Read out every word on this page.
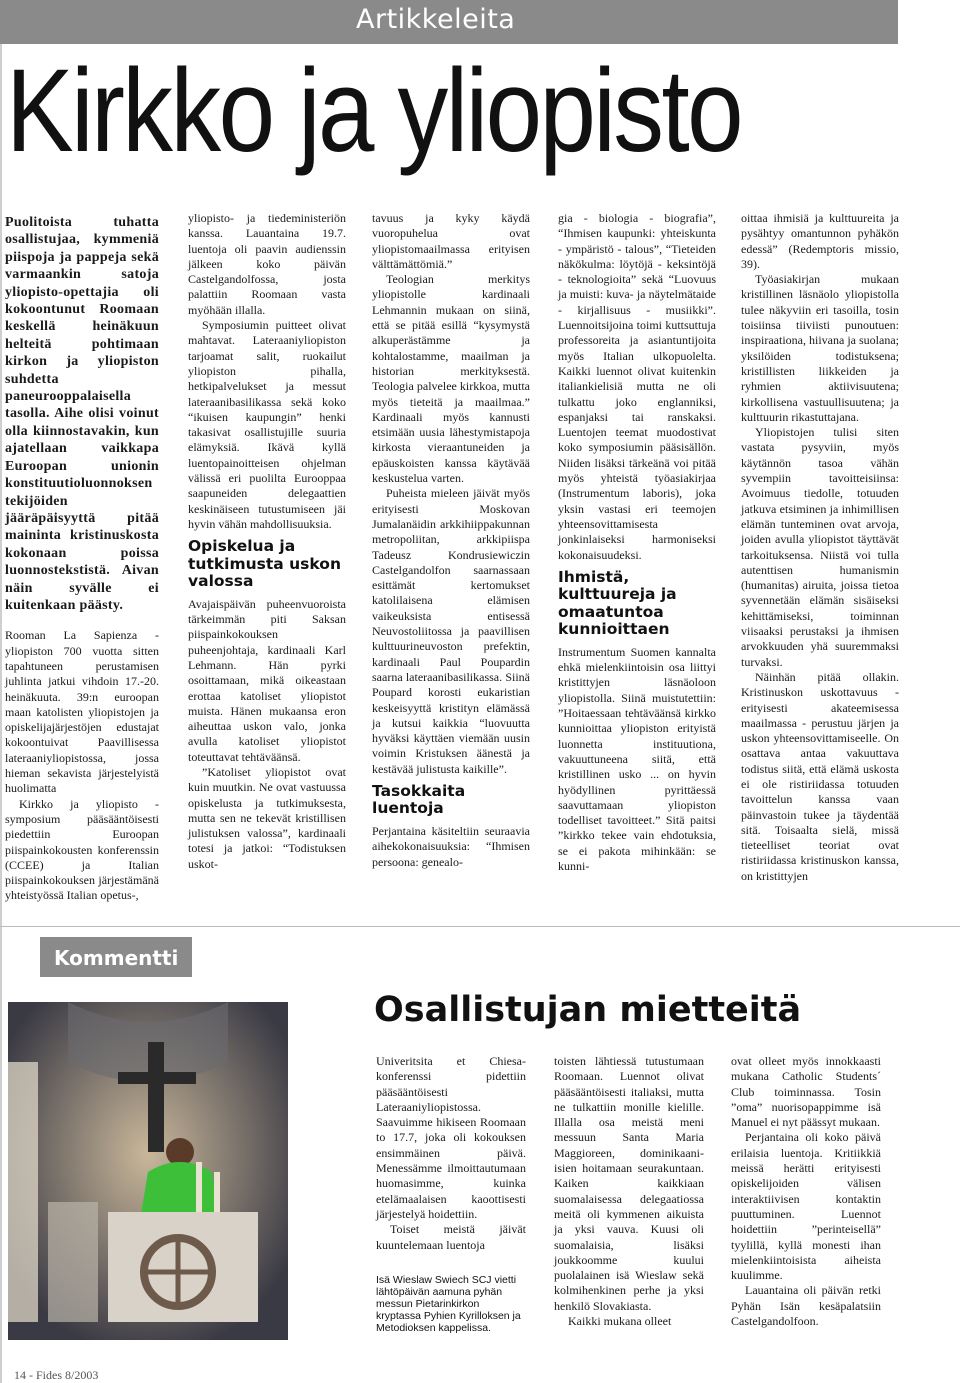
Artikkeleita
Kirkko ja yliopisto

Puolitoista tuhatta osallistujaa, kymmeniä piispoja ja pappeja sekä varmaankin satoja yliopisto-opettajia oli kokoontunut Roomaan keskellä heinäkuun helteitä pohtimaan kirkon ja yliopiston suhdetta paneurooppalaisella tasolla. Aihe olisi voinut olla kiinnostavakin, kun ajatellaan vaikkapa Euroopan unionin konstituutioluonnoksen tekijöiden jääräpäisyyttä pitää maininta kristinuskosta kokonaan poissa luonnostekstistä. Aivan näin syvälle ei kuitenkaan päästy.

Rooman La Sapienza -yliopiston 700 vuotta sitten tapahtuneen perustamisen juhlinta jatkui vihdoin 17.-20. heinäkuuta. 39:n euroopan maan katolisten yliopistojen ja opiskelijajärjestöjen edustajat kokoontuivat Paavillisessa lateraaniyliopistossa, jossa hieman sekavista järjestelyistä huolimatta

Kirkko ja yliopisto -symposium pääsääntöisesti piedettiin Euroopan piispainkokousten konferenssin (CCEE) ja Italian piispainkokouksen järjestämänä yhteistyössä Italian opetus-,

yliopisto- ja tiedeministeriön kanssa. Lauantaina 19.7. luentoja oli paavin audienssin jälkeen koko päivän Castelgandolfossa, josta palattiin Roomaan vasta myöhään illalla.

Symposiumin puitteet olivat mahtavat. Lateraaniyliopiston tarjoamat salit, ruokailut yliopiston pihalla, hetkipalvelukset ja messut lateraanibasilikassa sekä koko “ikuisen kaupungin” henki takasivat osallistujille suuria elämyksiä. Ikävä kyllä luentopainoitteisen ohjelman välissä eri puolilta Eurooppaa saapuneiden delegaattien keskinäiseen tutustumiseen jäi hyvin vähän mahdollisuuksia.

Opiskelua ja tutkimusta uskon valossa

Avajaispäivän puheenvuoroista tärkeimmän piti Saksan piispainkokouksen puheenjohtaja, kardinaali Karl Lehmann. Hän pyrki osoittamaan, mikä oikeastaan erottaa katoliset yliopistot muista. Hänen mukaansa eron aiheuttaa uskon valo, jonka avulla katoliset yliopistot toteuttavat tehtäväänsä.

”Katoliset yliopistot ovat kuin muutkin. Ne ovat vastuussa opiskelusta ja tutkimuksesta, mutta sen ne tekevät kristillisen julistuksen valossa”, kardinaali totesi ja jatkoi: “Todistuksen uskot-

tavuus ja kyky käydä vuoropuhelua ovat yliopistomaailmassa erityisen välttämättömiä.”

Teologian merkitys yliopistolle kardinaali Lehmannin mukaan on siinä, että se pitää esillä “kysymystä alkuperästämme ja kohtalostamme, maailman ja historian merkityksestä. Teologia palvelee kirkkoa, mutta myös tieteitä ja maailmaa.” Kardinaali myös kannusti etsimään uusia lähestymistapoja kirkosta vieraantuneiden ja epäuskoisten kanssa käytävää keskustelua varten.

Puheista mieleen jäivät myös erityisesti Moskovan Jumalanäidin arkkihiippakunnan metropoliitan, arkkipiispa Tadeusz Kondrusiewiczin Castelgandolfon saarnassaan esittämät kertomukset katolilaisena elämisen vaikeuksista entisessä Neuvostoliitossa ja paavillisen kulttuurineuvoston prefektin, kardinaali Paul Poupardin saarna lateraanibasilikassa. Siinä Poupard korosti eukaristian keskeisyyttä kristityn elämässä ja kutsui kaikkia “luovuutta hyväksi käyttäen viemään uusin voimin Kristuksen äänestä ja kestävää julistusta kaikille”.

Tasokkaita luentoja

Perjantaina käsiteltiin seuraavia aihekokonaisuuksia: “Ihmisen persoona: genealo-

gia - biologia - biografia”, “Ihmisen kaupunki: yhteiskunta - ympäristö - talous”, “Tieteiden näkökulma: löytöjä - keksintöjä - teknologioita” sekä “Luovuus ja muisti: kuva- ja näytelmätaide - kirjallisuus - musiikki”. Luennoitsijoina toimi kuttsuttuja professoreita ja asiantuntijoita myös Italian ulkopuolelta. Kaikki luennot olivat kuitenkin italiankielisiä mutta ne oli tulkattu joko englanniksi, espanjaksi tai ranskaksi. Luentojen teemat muodostivat koko symposiumin pääsisällön. Niiden lisäksi tärkeänä voi pitää myös yhteistä työasiakirjaa (Instrumentum laboris), joka yksin vastasi eri teemojen yhteensovittamisesta jonkinlaiseksi harmoniseksi kokonaisuudeksi.

Ihmistä, kulttuureja ja omaatuntoa kunnioittaen

Instrumentum Suomen kannalta ehkä mielenkiintoisin osa liittyi kristittyjen läsnäoloon yliopistolla. Siinä muistutettiin: ”Hoitaessaan tehtäväänsä kirkko kunnioittaa yliopiston erityistä luonnetta instituutiona, vakuuttuneena siitä, että kristillinen usko ... on hyvin hyödyllinen pyrittäessä saavuttamaan yliopiston todelliset tavoitteet.” Sitä paitsi ”kirkko tekee vain ehdotuksia, se ei pakota mihinkään: se kunni-

oittaa ihmisiä ja kulttuureita ja pysähtyy omantunnon pyhäkön edessä” (Redemptoris missio, 39).

Työasiakirjan mukaan kristillinen läsnäolo yliopistolla tulee näkyviin eri tasoilla, tosin toisiinsa tiiviisti punoutuen: inspiraationa, hiivana ja suolana; yksilöiden todistuksena; kristillisten liikkeiden ja ryhmien aktiivisuutena; kirkollisena vastuullisuutena; ja kulttuurin rikastuttajana.

Yliopistojen tulisi siten vastata pysyviin, myös käytännön tasoa vähän syvempiin tavoitteisiinsa: Avoimuus tiedolle, totuuden jatkuva etsiminen ja inhimillisen elämän tunteminen ovat arvoja, joiden avulla yliopistot täyttävät tarkoituksensa. Niistä voi tulla autenttisen humanismin (humanitas) airuita, joissa tietoa syvennetään elämän sisäiseksi kehittämiseksi, toiminnan viisaaksi perustaksi ja ihmisen arvokkuuden yhä suuremmaksi turvaksi.

Näinhän pitää ollakin. Kristinuskon uskottavuus - erityisesti akateemisessa maailmassa - perustuu järjen ja uskon yhteensovittamiseelle. On osattava antaa vakuuttava todistus siitä, että elämä uskosta ei ole ristiriidassa totuuden tavoittelun kanssa vaan päinvastoin tukee ja täydentää sitä. Toisaalta sielä, missä tieteelliset teoriat ovat ristiriidassa kristinuskon kanssa, on kristittyjen

Kommentti
Osallistujan mietteitä

Univeritsita et Chiesa- konferenssi pidettiin pääsääntöisesti Lateraaniyliopistossa. Saavuimme hikiseen Roomaan to 17.7, joka oli kokouksen ensimmäinen päivä. Menessämme ilmoittautumaan huomasimme, kuinka etelämaalaisen kaoottisesti järjestelyä hoidettiin.

Toiset meistä jäivät kuuntelemaan luentoja

Isä Wieslaw Swiech SCJ vietti lähtöpäivän aamuna pyhän messun Pietarinkirkon kryptassa Pyhien Kyrilloksen ja Metodioksen kappelissa.

toisten lähtiessä tutustumaan Roomaan. Luennot olivat pääsääntöisesti italiaksi, mutta ne tulkattiin monille kielille. Illalla osa meistä meni messuun Santa Maria Maggioreen, dominikaani-isien hoitamaan seurakuntaan. Kaiken kaikkiaan suomalaisessa delegaatiossa meitä oli kymmenen aikuista ja yksi vauva. Kuusi oli suomalaisia, lisäksi joukkoomme kuului puolalainen isä Wieslaw sekä kolmihenkinen perhe ja yksi henkilö Slovakiasta.

Kaikki mukana olleet

ovat olleet myös innokkaasti mukana Catholic Students´ Club toiminnassa. Tosin ”oma” nuorisopappimme isä Manuel ei nyt päässyt mukaan.

Perjantaina oli koko päivä erilaisia luentoja. Kritiikkiä meissä herätti erityisesti opiskelijoiden välisen interaktiivisen kontaktin puuttuminen. Luennot hoidettiin ”perinteisellä” tyylillä, kyllä monesti ihan mielenkiintoisista aiheista kuulimme.

Lauantaina oli päivän retki Pyhän Isän kesäpalatsiin Castelgandolfoon.

14 - Fides 8/2003
